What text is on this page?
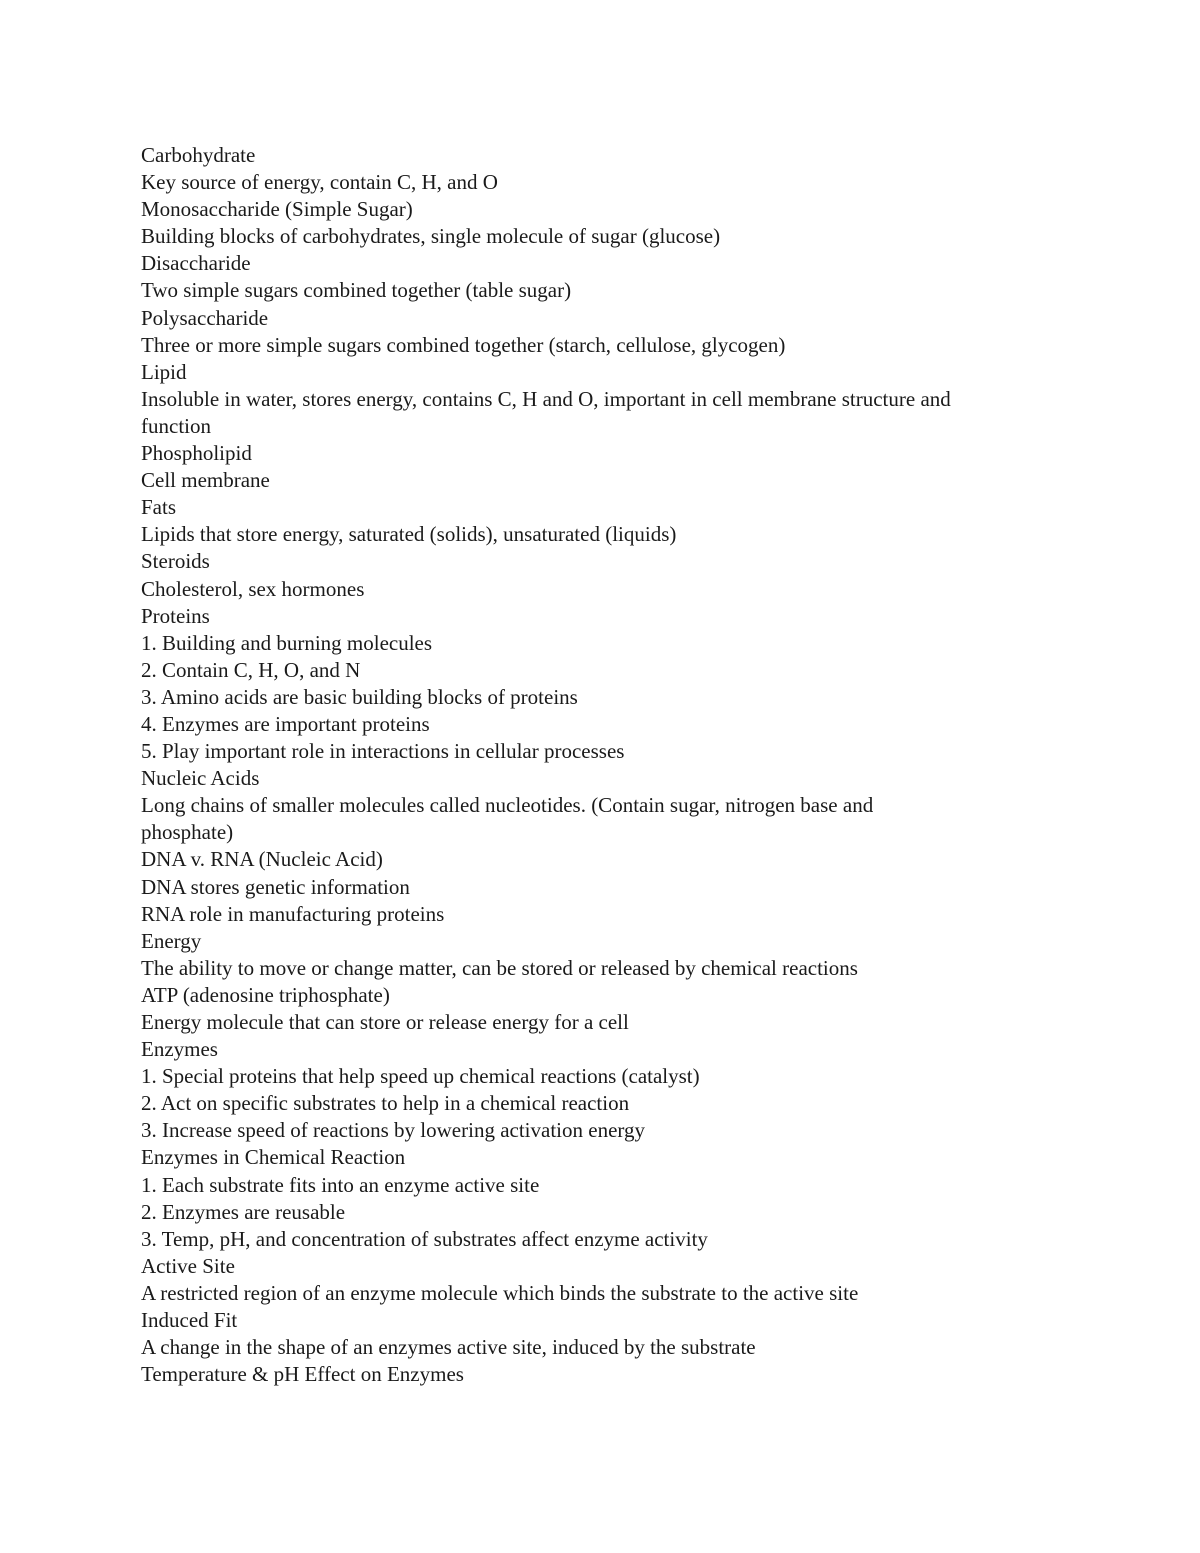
Carbohydrate

Key source of energy, contain C, H, and O

Monosaccharide (Simple Sugar)

Building blocks of carbohydrates, single molecule of sugar (glucose)

Disaccharide

Two simple sugars combined together (table sugar)

Polysaccharide

Three or more simple sugars combined together (starch, cellulose, glycogen)

Lipid

Insoluble in water, stores energy, contains C, H and O, important in cell membrane structure and

function

Phospholipid

Cell membrane

Fats

Lipids that store energy, saturated (solids), unsaturated (liquids)

Steroids

Cholesterol, sex hormones

Proteins

1. Building and burning molecules

2. Contain C, H, O, and N

3. Amino acids are basic building blocks of proteins

4. Enzymes are important proteins

5. Play important role in interactions in cellular processes

Nucleic Acids

Long chains of smaller molecules called nucleotides. (Contain sugar, nitrogen base and

phosphate)

DNA v. RNA (Nucleic Acid)

DNA stores genetic information

RNA role in manufacturing proteins

Energy

The ability to move or change matter, can be stored or released by chemical reactions

ATP (adenosine triphosphate)

Energy molecule that can store or release energy for a cell

Enzymes

1. Special proteins that help speed up chemical reactions (catalyst)

2. Act on specific substrates to help in a chemical reaction

3. Increase speed of reactions by lowering activation energy

Enzymes in Chemical Reaction

1. Each substrate fits into an enzyme active site

2. Enzymes are reusable

3. Temp, pH, and concentration of substrates affect enzyme activity

Active Site

A restricted region of an enzyme molecule which binds the substrate to the active site

Induced Fit

A change in the shape of an enzymes active site, induced by the substrate

Temperature & pH Effect on Enzymes
